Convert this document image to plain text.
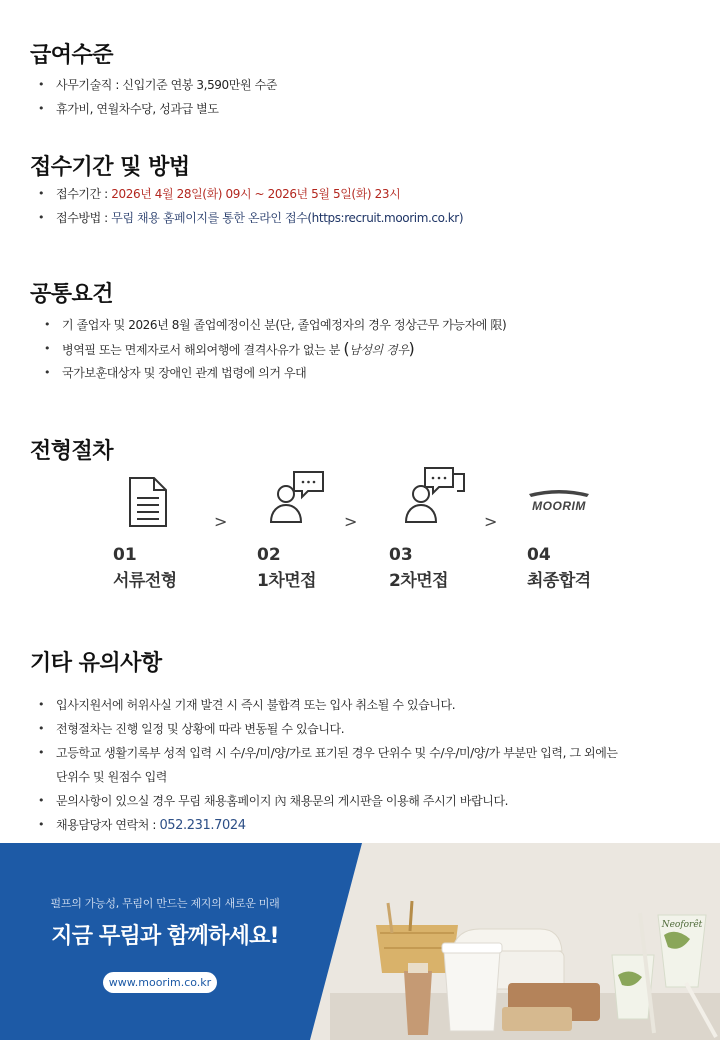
급여수준
• 사무기술직 : 신입기준 연봉 3,590만원 수준
• 휴가비, 연월차수당, 성과급 별도
접수기간 및 방법
• 접수기간 : 2026년 4월 28일(화) 09시 ~ 2026년 5월 5일(화) 23시
• 접수방법 : 무림 채용 홈페이지를 통한 온라인 접수(https:recruit.moorim.co.kr)
공통요건
• 기 졸업자 및 2026년 8월 졸업예정이신 분(단, 졸업예정자의 경우 정상근무 가능자에 限)
• 병역필 또는 면제자로서 해외여행에 결격사유가 없는 분 (남성의 경우)
• 국가보훈대상자 및 장애인 관계 법령에 의거 우대
전형절차
>	>	>
MOORIM
01
서류전형
02
1차면접
03
2차면접
04
최종합격
기타 유의사항
• 입사지원서에 허위사실 기재 발견 시 즉시 불합격 또는 입사 취소될 수 있습니다.
• 전형절차는 진행 일정 및 상황에 따라 변동될 수 있습니다.
• 고등학교 생활기록부 성적 입력 시 수/우/미/양/가로 표기된 경우 단위수 및 수/우/미/양/가 부분만 입력, 그 외에는
단위수 및 원점수 입력
• 문의사항이 있으실 경우 무림 채용홈페이지 內 채용문의 게시판을 이용해 주시기 바랍니다.
• 채용담당자 연락처 : 052.231.7024
Neoforêt
펄프의 가능성, 무림이 만드는 제지의 새로운 미래
지금 무림과 함께하세요!
www.moorim.co.kr
